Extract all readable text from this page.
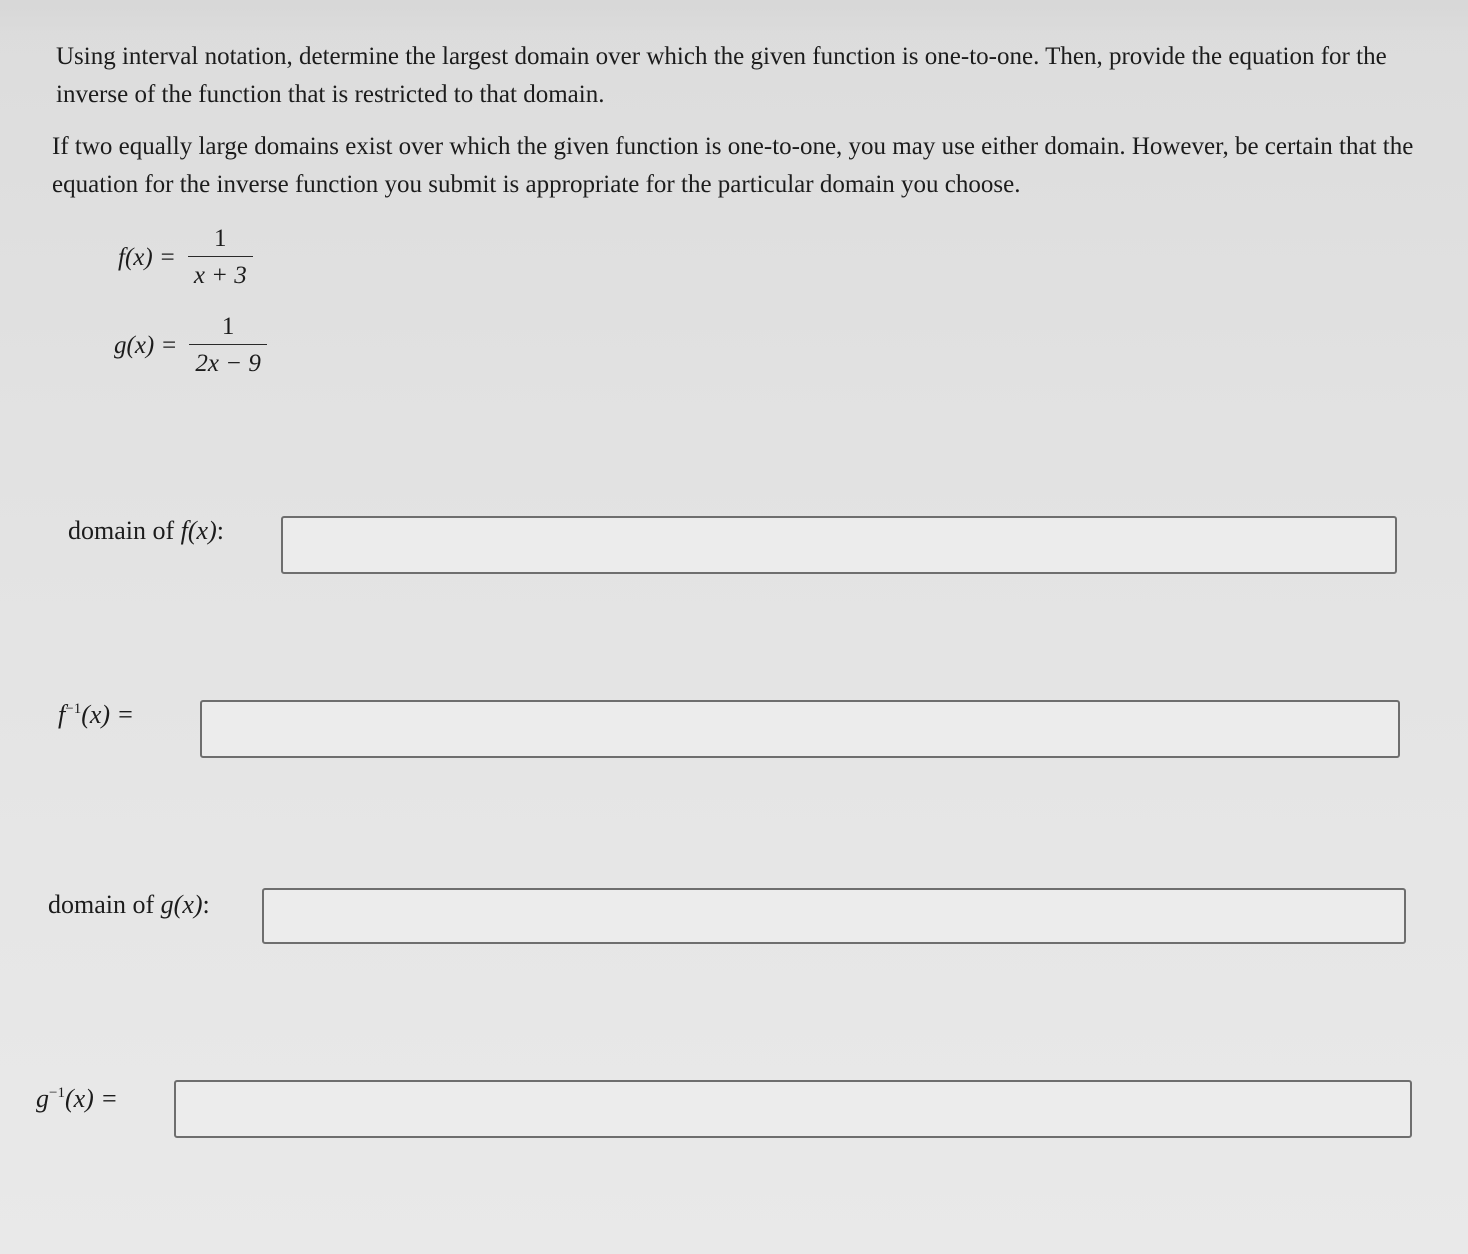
Using interval notation, determine the largest domain over which the given function is one-to-one. Then, provide the equation for the inverse of the function that is restricted to that domain.

If two equally large domains exist over which the given function is one-to-one, you may use either domain. However, be certain that the equation for the inverse function you submit is appropriate for the particular domain you choose.

$f(x) = \frac{1}{x + 3}$
$g(x) = \frac{1}{2x - 9}$
domain of f(x):
$f^{-1}(x)$ =
domain of g(x):
$g^{-1}(x)$ =
